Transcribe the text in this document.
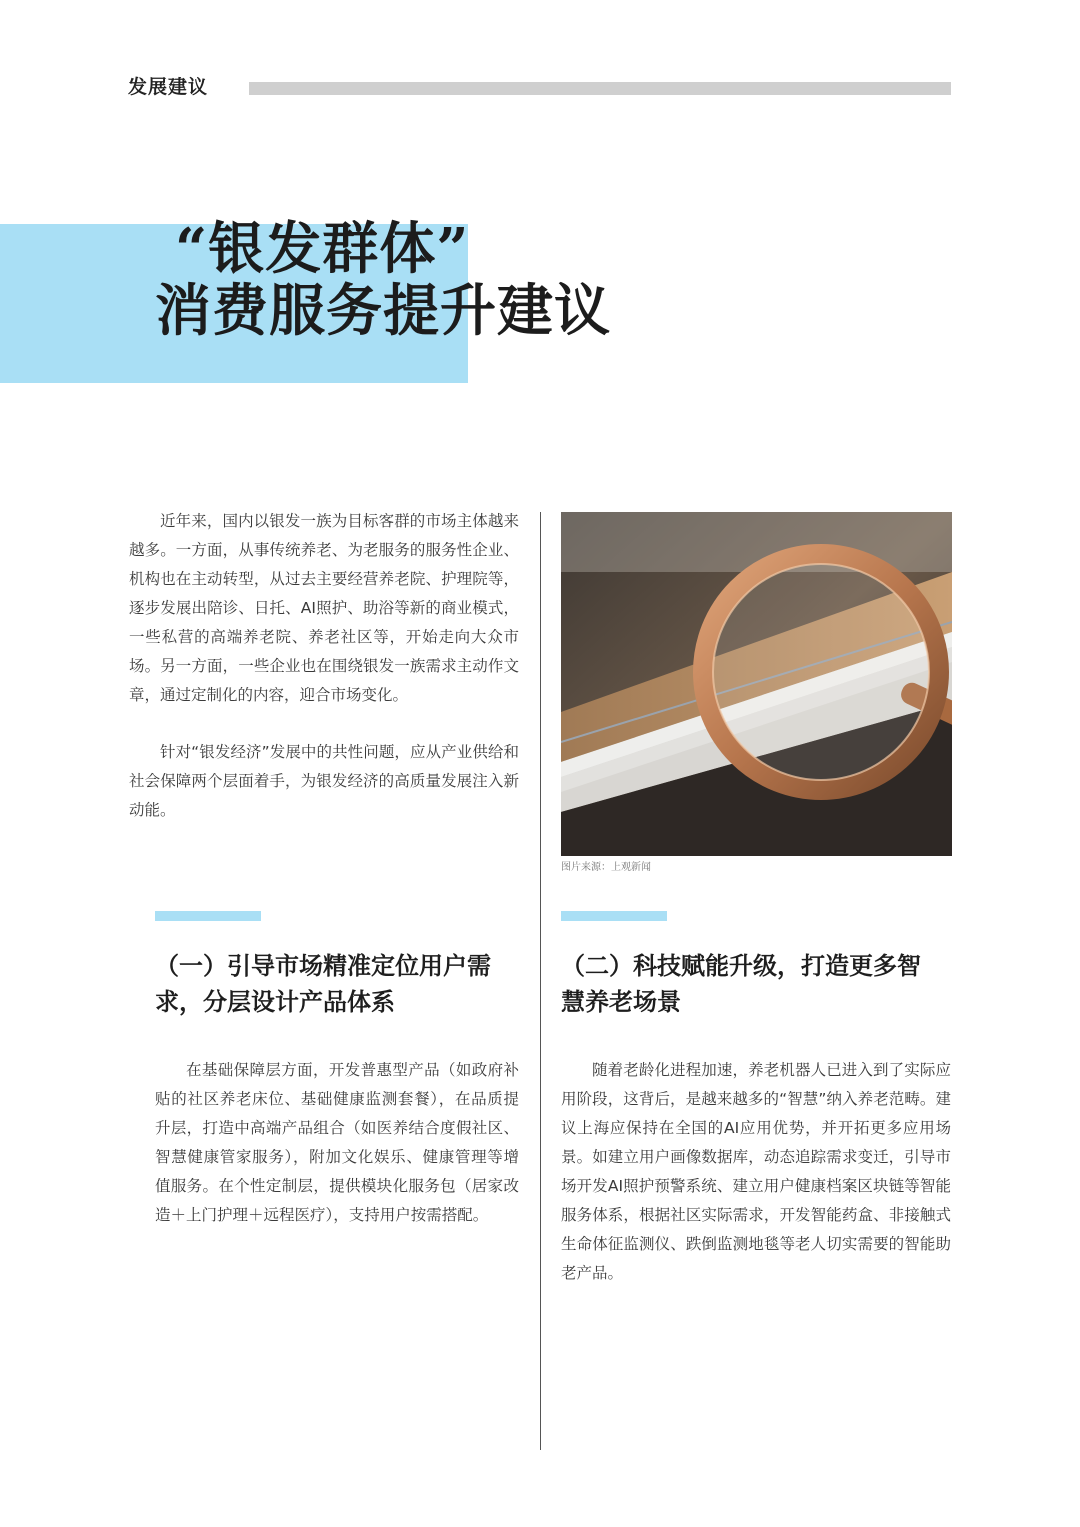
发展建议
“银发群体”
消费服务提升建议

近年来，国内以银发一族为目标客群的市场主体越来越多。一方面，从事传统养老、为老服务的服务性企业、机构也在主动转型，从过去主要经营养老院、护理院等，逐步发展出陪诊、日托、AI照护、助浴等新的商业模式，一些私营的高端养老院、养老社区等，开始走向大众市场。另一方面，一些企业也在围绕银发一族需求主动作文章，通过定制化的内容，迎合市场变化。

针对“银发经济”发展中的共性问题，应从产业供给和社会保障两个层面着手，为银发经济的高质量发展注入新动能。

图片来源：上观新闻
（一）引导市场精准定位用户需求，分层设计产品体系
（二）科技赋能升级，打造更多智慧养老场景

在基础保障层方面，开发普惠型产品（如政府补贴的社区养老床位、基础健康监测套餐），在品质提升层，打造中高端产品组合（如医养结合度假社区、智慧健康管家服务），附加文化娱乐、健康管理等增值服务。在个性定制层，提供模块化服务包（居家改造＋上门护理＋远程医疗），支持用户按需搭配。

随着老龄化进程加速，养老机器人已进入到了实际应用阶段，这背后，是越来越多的“智慧”纳入养老范畴。建议上海应保持在全国的AI应用优势，并开拓更多应用场景。如建立用户画像数据库，动态追踪需求变迁，引导市场开发AI照护预警系统、建立用户健康档案区块链等智能服务体系，根据社区实际需求，开发智能药盒、非接触式生命体征监测仪、跌倒监测地毯等老人切实需要的智能助老产品。
